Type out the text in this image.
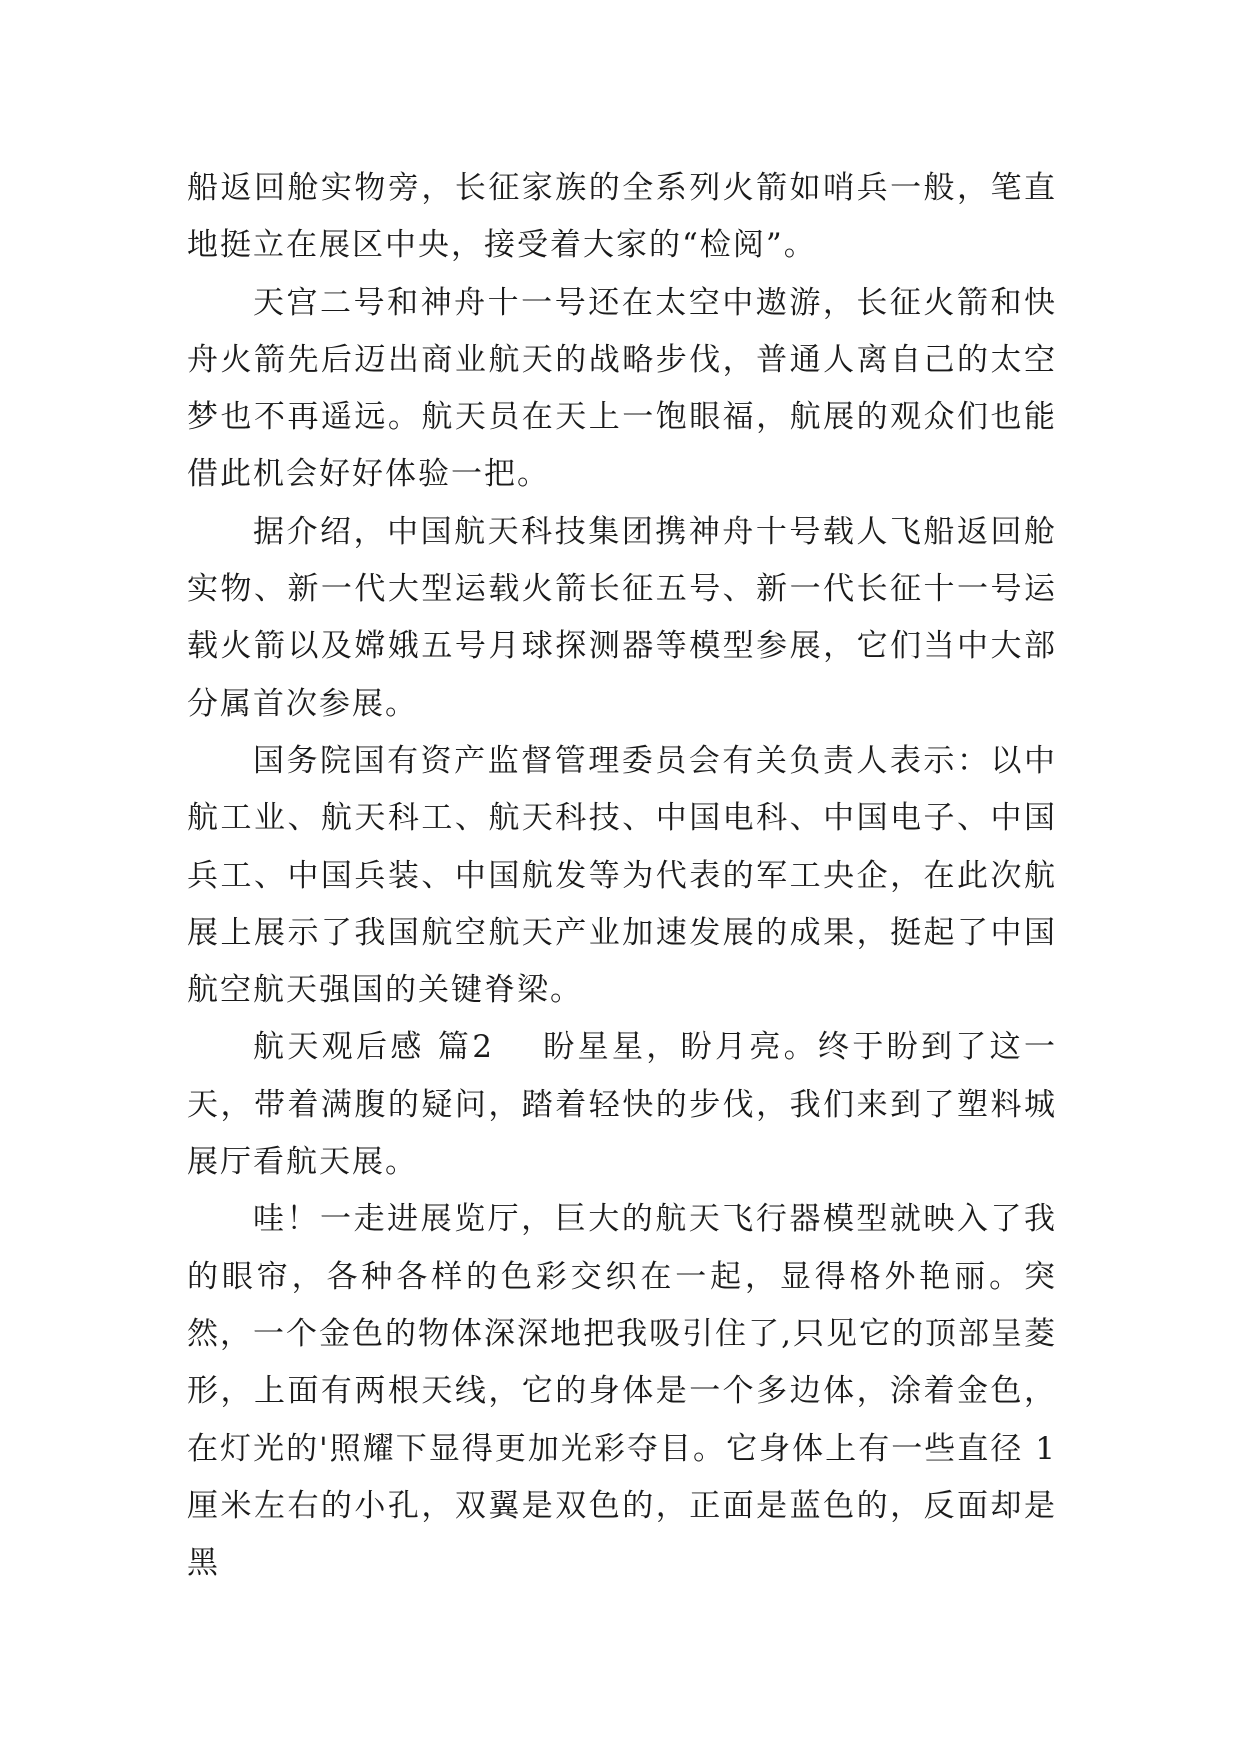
船返回舱实物旁，长征家族的全系列火箭如哨兵一般，笔直地挺立在展区中央，接受着大家的“检阅”。

天宫二号和神舟十一号还在太空中遨游，长征火箭和快舟火箭先后迈出商业航天的战略步伐，普通人离自己的太空梦也不再遥远。航天员在天上一饱眼福，航展的观众们也能借此机会好好体验一把。

据介绍，中国航天科技集团携神舟十号载人飞船返回舱实物、新一代大型运载火箭长征五号、新一代长征十一号运载火箭以及嫦娥五号月球探测器等模型参展，它们当中大部分属首次参展。

国务院国有资产监督管理委员会有关负责人表示：以中航工业、航天科工、航天科技、中国电科、中国电子、中国兵工、中国兵装、中国航发等为代表的军工央企，在此次航展上展示了我国航空航天产业加速发展的成果，挺起了中国航空航天强国的关键脊梁。

航天观后感 篇2 盼星星，盼月亮。终于盼到了这一天，带着满腹的疑问，踏着轻快的步伐，我们来到了塑料城展厅看航天展。

哇！一走进展览厅，巨大的航天飞行器模型就映入了我的眼帘，各种各样的色彩交织在一起，显得格外艳丽。突然，一个金色的物体深深地把我吸引住了,只见它的顶部呈菱形，上面有两根天线，它的身体是一个多边体，涂着金色，在灯光的'照耀下显得更加光彩夺目。它身体上有一些直径 1 厘米左右的小孔，双翼是双色的，正面是蓝色的，反面却是黑
